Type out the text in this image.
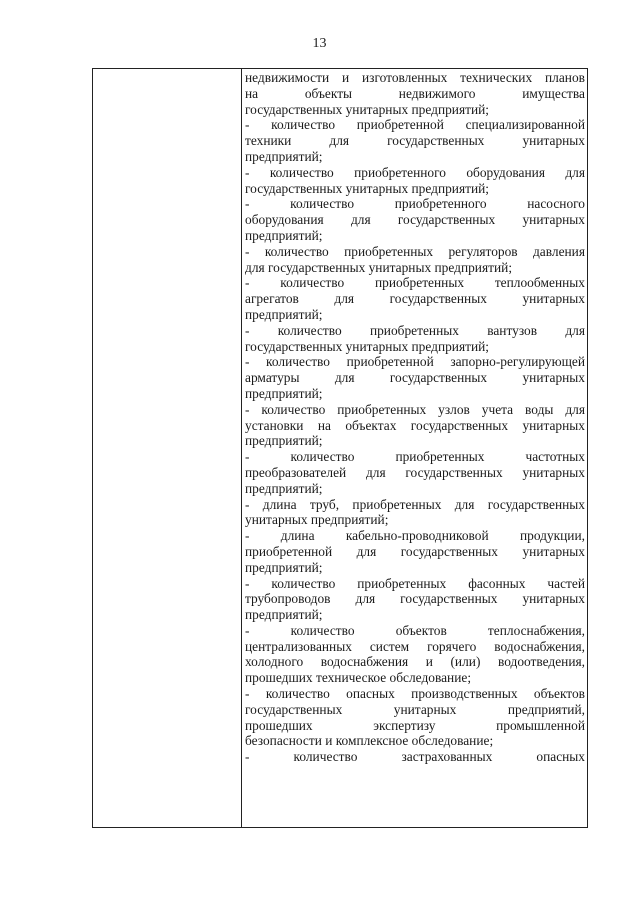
13
недвижимости и изготовленных технических планов
на объекты недвижимого имущества
государственных унитарных предприятий;
- количество приобретенной специализированной
техники для государственных унитарных
предприятий;
- количество приобретенного оборудования для
государственных унитарных предприятий;
- количество приобретенного насосного
оборудования для государственных унитарных
предприятий;
- количество приобретенных регуляторов давления
для государственных унитарных предприятий;
- количество приобретенных теплообменных
агрегатов для государственных унитарных
предприятий;
- количество приобретенных вантузов для
государственных унитарных предприятий;
- количество приобретенной запорно-регулирующей
арматуры для государственных унитарных
предприятий;
- количество приобретенных узлов учета воды для
установки на объектах государственных унитарных
предприятий;
- количество приобретенных частотных
преобразователей для государственных унитарных
предприятий;
- длина труб, приобретенных для государственных
унитарных предприятий;
- длина кабельно-проводниковой продукции,
приобретенной для государственных унитарных
предприятий;
- количество приобретенных фасонных частей
трубопроводов для государственных унитарных
предприятий;
- количество объектов теплоснабжения,
централизованных систем горячего водоснабжения,
холодного водоснабжения и (или) водоотведения,
прошедших техническое обследование;
- количество опасных производственных объектов
государственных унитарных предприятий,
прошедших экспертизу промышленной
безопасности и комплексное обследование;
- количество застрахованных опасных
